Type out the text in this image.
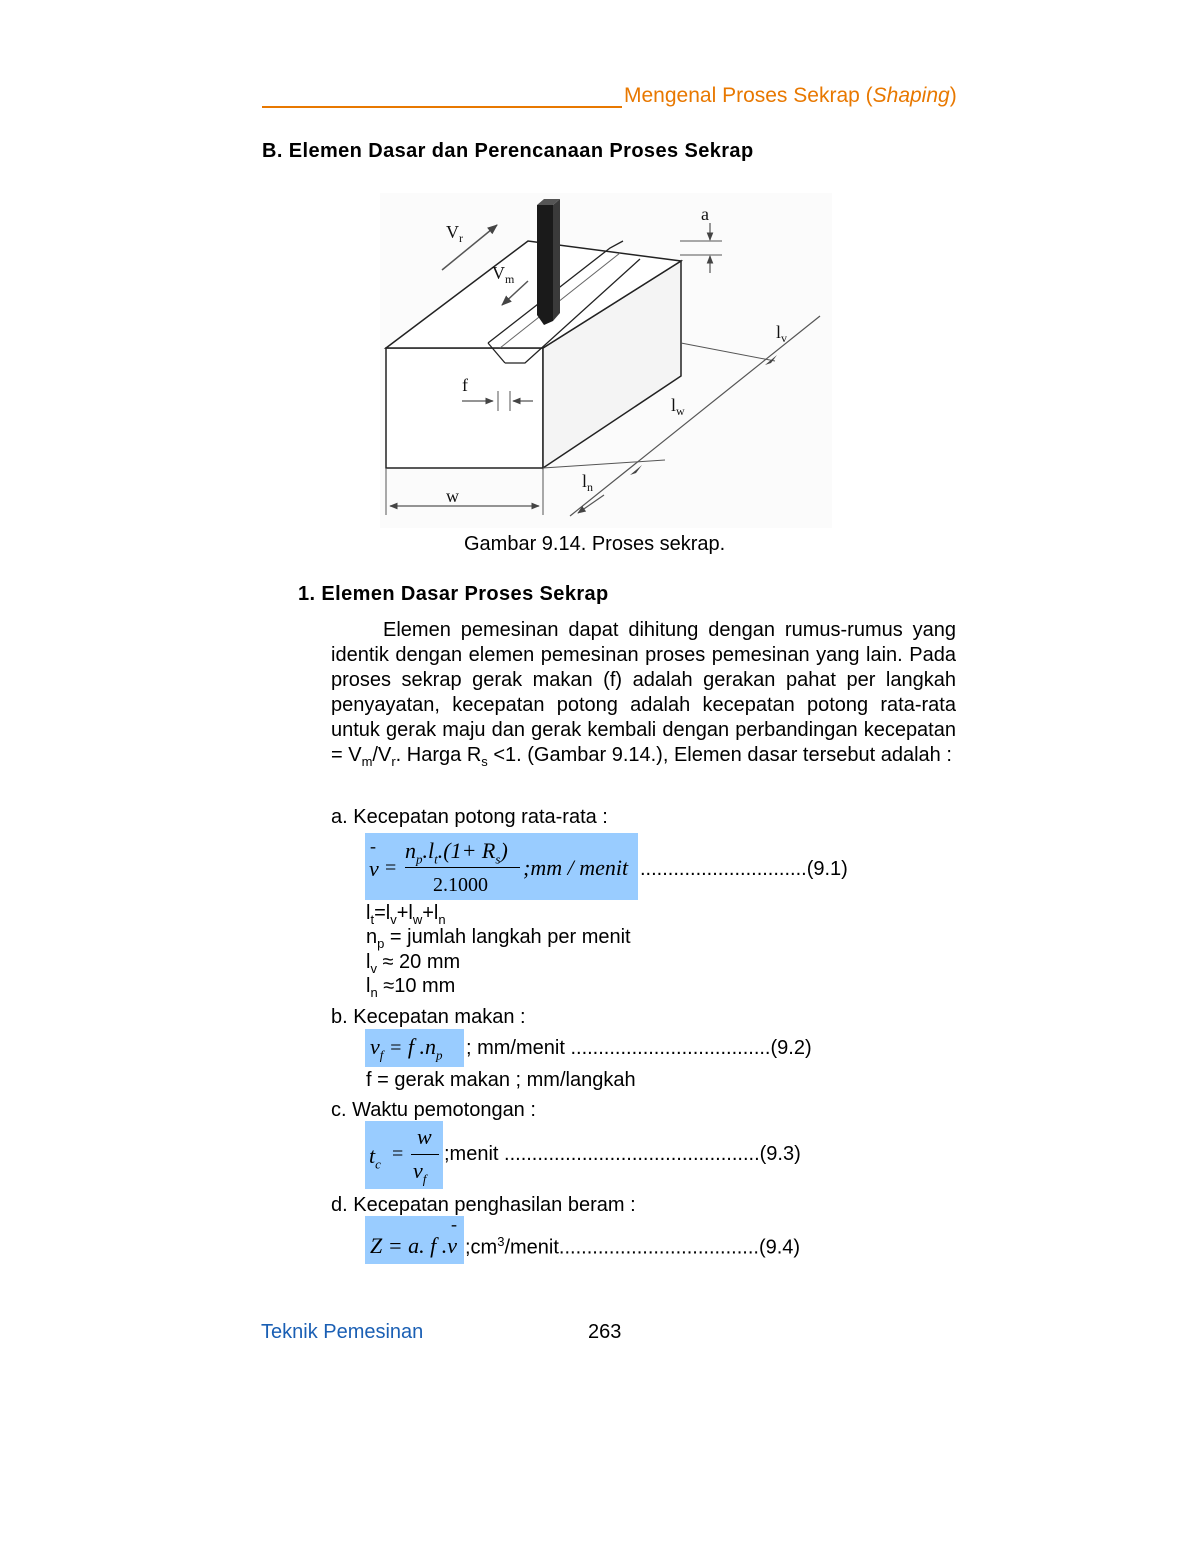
Mengenal Proses Sekrap (Shaping)
B. Elemen Dasar dan Perencanaan Proses Sekrap
$V_r$
$V_m$
a
f
$l_v$
$l_w$
$l_n$
w
Gambar 9.14. Proses sekrap.
1. Elemen Dasar Proses Sekrap

Elemen pemesinan dapat dihitung dengan rumus-rumus yang identik dengan elemen pemesinan proses pemesinan yang lain. Pada proses sekrap gerak makan (f) adalah gerakan pahat per langkah penyayatan, kecepatan potong adalah kecepatan potong rata-rata untuk gerak maju dan gerak kembali dengan perbandingan kecepatan = $V_m/V_r$. Harga $R_s <1$. (Gambar 9.14.), Elemen dasar tersebut adalah :

a. Kecepatan potong rata-rata :
v
-
=
$n_p.l_t.(1+ R_s)$
2.1000
;mm / menit ..............................(9.1)
$l_t=l_v+l_w+l_n$
$n_p$ = jumlah langkah per menit
$l_v \approx 20$ mm
$l_n \approx 10$ mm
b. Kecepatan makan :
$v_f = f$ $.n_p$ ; mm/menit ....................................(9.2)
f = gerak makan ; mm/langkah
c. Waktu pemotongan :
$t_c$ =
w
$v_f$
;menit ..............................................(9.3)
d. Kecepatan penghasilan beram :
-
Z = a. f .v $;cm^3/menit....................................(9.4)$
Teknik Pemesinan	263
